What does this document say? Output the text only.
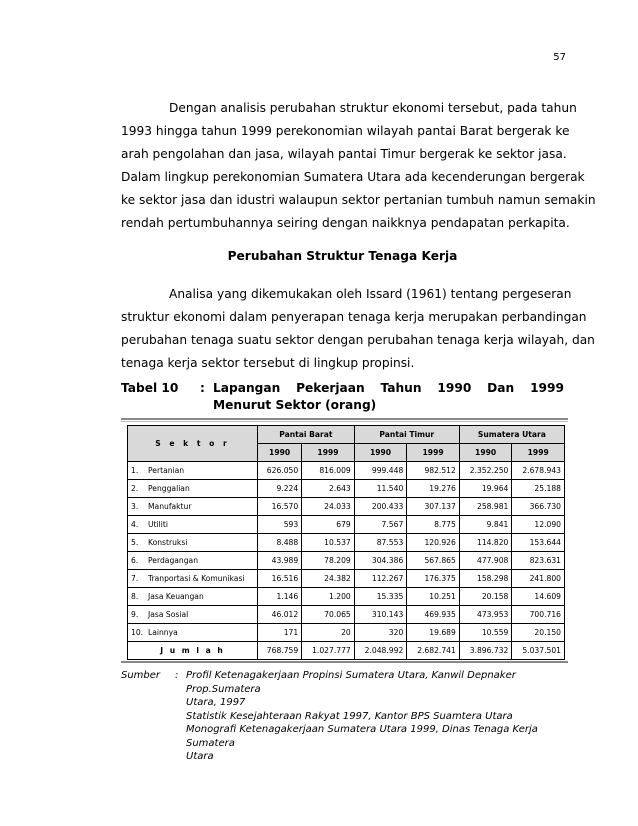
57
Dengan analisis perubahan struktur ekonomi tersebut, pada tahun
1993 hingga tahun 1999 perekonomian wilayah pantai Barat bergerak ke
arah pengolahan dan jasa, wilayah pantai Timur bergerak ke sektor jasa.
Dalam lingkup perekonomian Sumatera Utara ada kecenderungan bergerak
ke sektor jasa dan idustri walaupun sektor pertanian tumbuh namun semakin
rendah pertumbuhannya seiring dengan naikknya pendapatan perkapita.
Perubahan Struktur Tenaga Kerja
Analisa yang dikemukakan oleh Issard (1961) tentang pergeseran
struktur ekonomi dalam penyerapan tenaga kerja merupakan perbandingan
perubahan tenaga suatu sektor dengan perubahan tenaga kerja wilayah, dan
tenaga kerja sektor tersebut di lingkup propinsi.
Tabel 10 : Lapangan Pekerjaan Tahun 1990 Dan 1999 Menurut Sektor (orang)
S e k t o r		Pantai Barat		Pantai Timur		Sumatera Utara	
		1990	1999	1990	1999	1990	1999
1.	Pertanian	626.050	816.009	999.448	982.512	2.352.250	2.678.943
2.	Penggalian	9.224	2.643	11.540	19.276	19.964	25.188
3.	Manufaktur	16.570	24.033	200.433	307.137	258.981	366.730
4.	Utiliti	593	679	7.567	8.775	9.841	12.090
5.	Konstruksi	8.488	10.537	87.553	120.926	114.820	153.644
6.	Perdagangan	43.989	78.209	304.386	567.865	477.908	823.631
7.	Tranportasi & Komunikasi	16.516	24.382	112.267	176.375	158.298	241.800
8.	Jasa Keuangan	1.146	1.200	15.335	10.251	20.158	14.609
9.	Jasa Sosial	46.012	70.065	310.143	469.935	473.953	700.716
10.	Lainnya	171	20	320	19.689	10.559	20.150
J u m l a h		768.759	1.027.777	2.048.992	2.682.741	3.896.732	5.037.501
Sumber : Profil Ketenagakerjaan Propinsi Sumatera Utara, Kanwil Depnaker Prop.Sumatera
Utara, 1997
Statistik Kesejahteraan Rakyat 1997, Kantor BPS Suamtera Utara
Monografi Ketenagakerjaan Sumatera Utara 1999, Dinas Tenaga Kerja Sumatera
Utara
